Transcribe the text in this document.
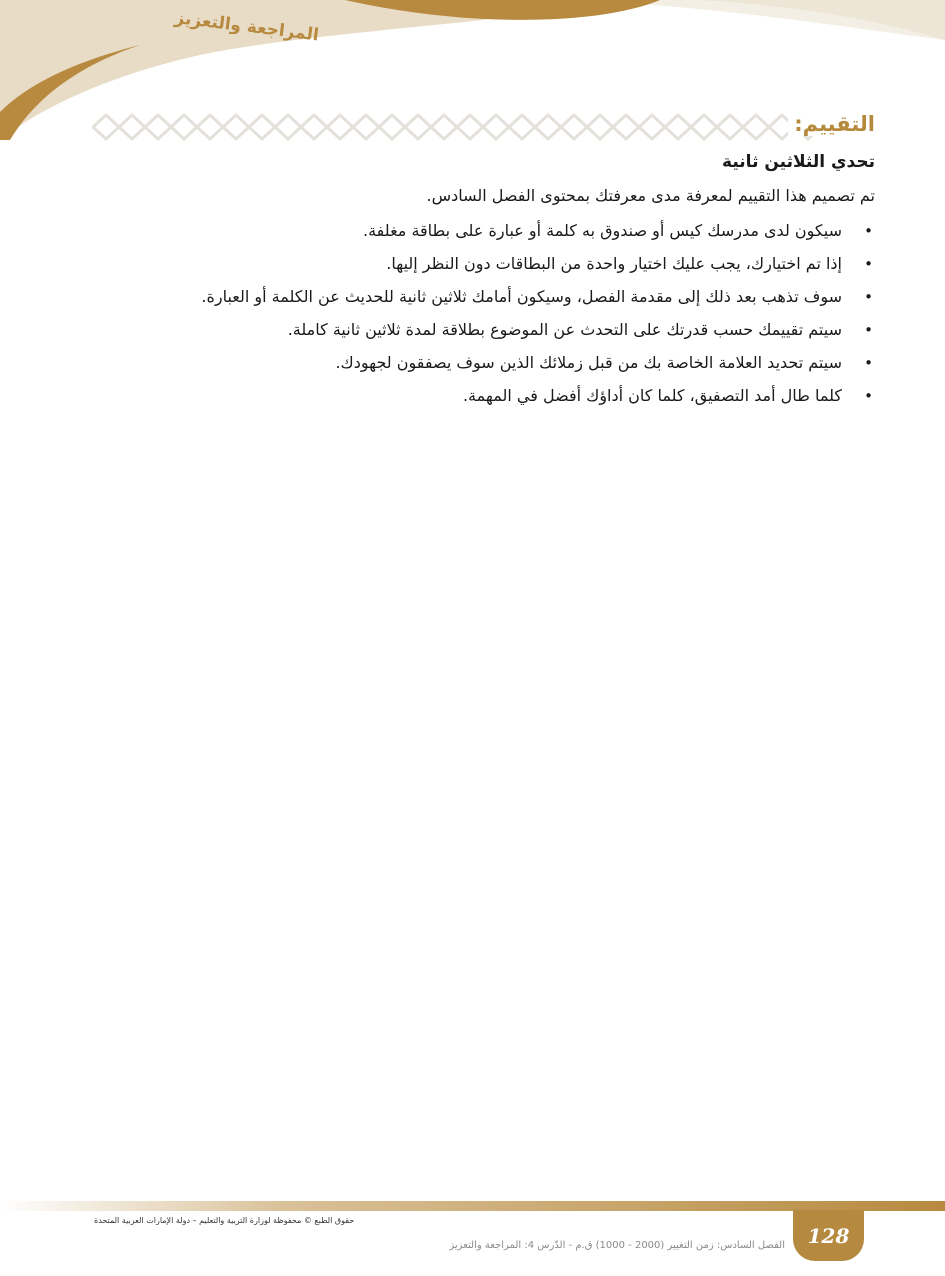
المراجعة والتعزيز
التقييم:
تحدي الثلاثين ثانية
تم تصميم هذا التقييم لمعرفة مدى معرفتك بمحتوى الفصل السادس.
•
سيكون لدى مدرسك كيس أو صندوق به كلمة أو عبارة على بطاقة مغلفة.
•
إذا تم اختيارك، يجب عليك اختيار واحدة من البطاقات دون النظر إليها.
•
سوف تذهب بعد ذلك إلى مقدمة الفصل، وسيكون أمامك ثلاثين ثانية للحديث عن الكلمة أو العبارة.
•
سيتم تقييمك حسب قدرتك على التحدث عن الموضوع بطلاقة لمدة ثلاثين ثانية كاملة.
•
سيتم تحديد العلامة الخاصة بك من قبل زملائك الذين سوف يصفقون لجهودك.
•
كلما طال أمد التصفيق، كلما كان أداؤك أفضل في المهمة.
حقوق الطبع © محفوظة لوزارة التربية والتعليم – دولة الإمارات العربية المتحدة
128
الفصل السادس: زمن التغيير (2000 - 1000) ق.م - الدّرس 4: المراجعة والتعزيز
